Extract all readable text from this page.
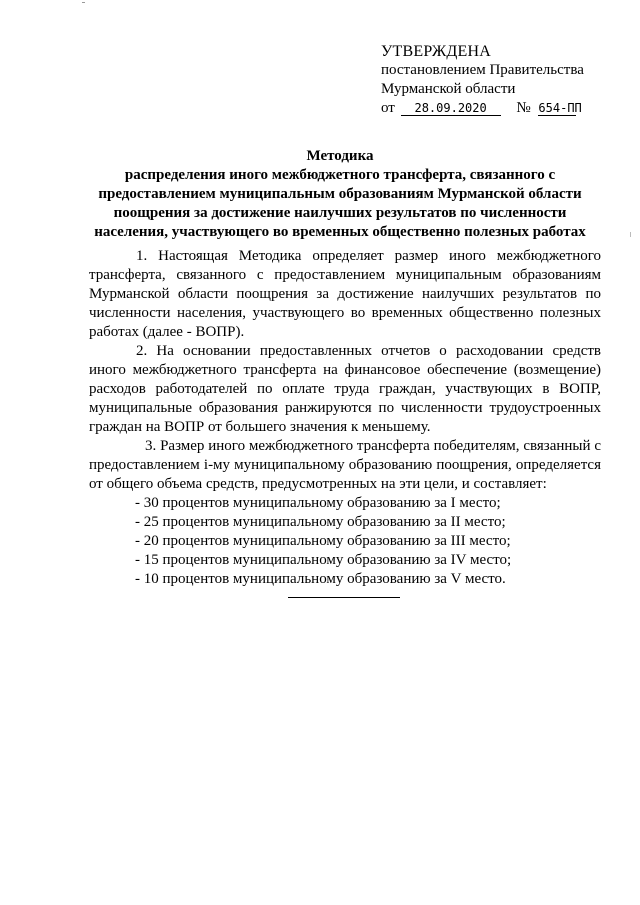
УТВЕРЖДЕНА
постановлением Правительства
Мурманской области
от 28.09.2020 № 654-ПП
Методика
распределения иного межбюджетного трансферта, связанного с
предоставлением муниципальным образованиям Мурманской области
поощрения за достижение наилучших результатов по численности
населения, участвующего во временных общественно полезных работах

1. Настоящая Методика определяет размер иного межбюджетного трансферта, связанного с предоставлением муниципальным образованиям Мурманской области поощрения за достижение наилучших результатов по численности населения, участвующего во временных общественно полезных работах (далее - ВОПР).

2. На основании предоставленных отчетов о расходовании средств иного межбюджетного трансферта на финансовое обеспечение (возмещение) расходов работодателей по оплате труда граждан, участвующих в ВОПР, муниципальные образования ранжируются по численности трудоустроенных граждан на ВОПР от большего значения к меньшему.

3. Размер иного межбюджетного трансферта победителям, связанный с предоставлением i-му муниципальному образованию поощрения, определяется от общего объема средств, предусмотренных на эти цели, и составляет:

- 30 процентов муниципальному образованию за I место;
- 25 процентов муниципальному образованию за II место;
- 20 процентов муниципальному образованию за III место;
- 15 процентов муниципальному образованию за IV место;
- 10 процентов муниципальному образованию за V место.
